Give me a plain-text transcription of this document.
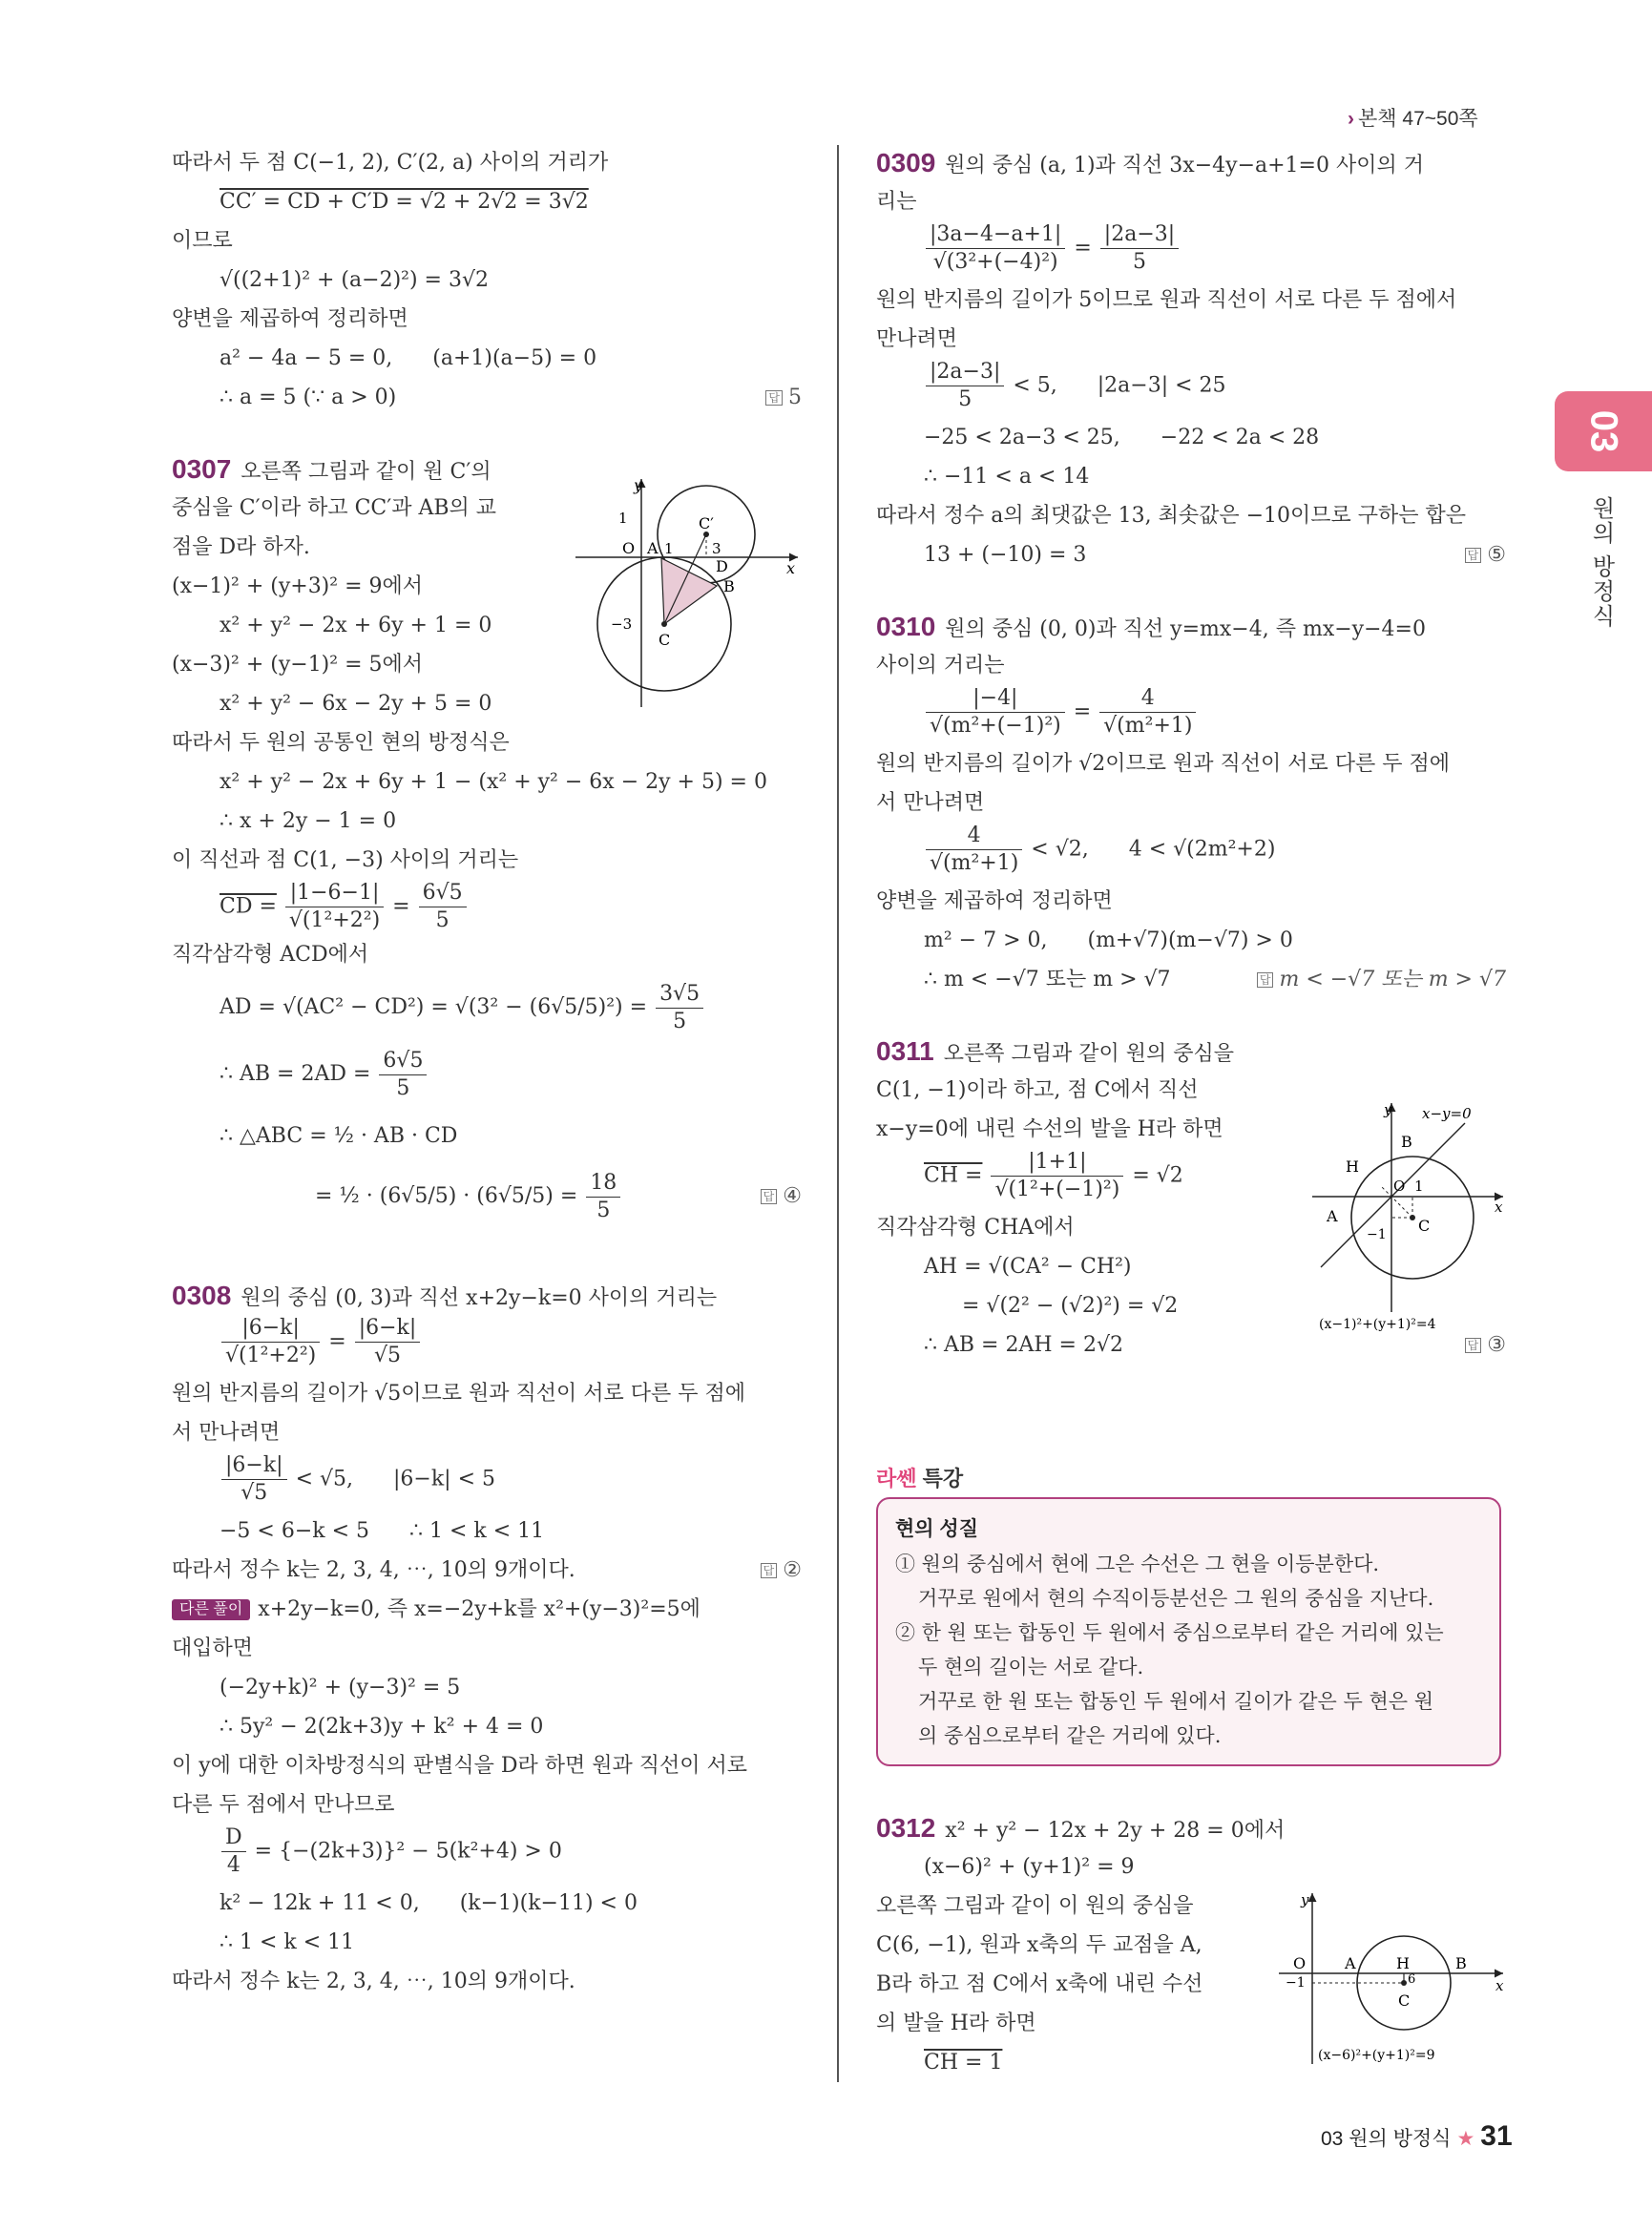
› 본책 47~50쪽
03
원의 방정식
따라서 두 점 C(−1, 2), C′(2, a) 사이의 거리가
CC′ = CD + C′D = √2 + 2√2 = 3√2
이므로
√((2+1)² + (a−2)²) = 3√2
양변을 제곱하여 정리하면
a² − 4a − 5 = 0, (a+1)(a−5) = 0
∴ a = 5 (∵ a > 0)	답 5
0307 오른쪽 그림과 같이 원 C′의
중심을 C′이라 하고 CC′과 AB의 교
점을 D라 하자.
(x−1)² + (y+3)² = 9에서
x² + y² − 2x + 6y + 1 = 0
(x−3)² + (y−1)² = 5에서
x² + y² − 6x − 2y + 5 = 0
따라서 두 원의 공통인 현의 방정식은
x² + y² − 2x + 6y + 1 − (x² + y² − 6x − 2y + 5) = 0
∴ x + 2y − 1 = 0
이 직선과 점 C(1, −3) 사이의 거리는
CD = $\frac{|1-6-1|}{\text{√(1²+2²)}} = \frac{6√5}{5}$
직각삼각형 ACD에서
AD = $√(AC^2 - CD^2) = √(3^2 - (6√5/5)^2) = \frac{3√5}{5}$
∴ AB = $2AD = \frac{6√5}{5}$
∴ △ABC = ½ · AB · CD
= ½ · $(6√5/5) \cdot (6√5/5) = \frac{18}{5}$	답 ④
0308 원의 중심 (0, 3)과 직선 x+2y−k=0 사이의 거리는
$\frac{|6-k|}{\text{√(1²+2²)}} = \frac{|6-k|}{√5}$
원의 반지름의 길이가 √5이므로 원과 직선이 서로 다른 두 점에
서 만나려면
$\frac{|6-k|}{√5} < √5$, |6−k| < 5
−5 < 6−k < 5 ∴ 1 < k < 11
따라서 정수 k는 2, 3, 4, ⋯, 10의 9개이다.	답 ②
다른 풀이 x+2y−k=0, 즉 x=−2y+k를 x²+(y−3)²=5에
대입하면
(−2y+k)² + (y−3)² = 5
∴ 5y² − 2(2k+3)y + k² + 4 = 0
이 y에 대한 이차방정식의 판별식을 D라 하면 원과 직선이 서로
다른 두 점에서 만나므로
$\frac{D}{4} = \{-(2k+3)\}^2 - 5(k^2+4) > 0$
k² − 12k + 11 < 0, (k−1)(k−11) < 0
∴ 1 < k < 11
따라서 정수 k는 2, 3, 4, ⋯, 10의 9개이다.
y
x
O A 1
1
3
−3
C
C′
D
B
0309 원의 중심 (a, 1)과 직선 3x−4y−a+1=0 사이의 거
리는
$\frac{|3a-4-a+1|}{\text{√(3²+(−4)²)}} = \frac{|2a-3|}{5}$
원의 반지름의 길이가 5이므로 원과 직선이 서로 다른 두 점에서
만나려면
$\frac{|2a-3|}{5} < 5$, |2a−3| < 25
−25 < 2a−3 < 25, −22 < 2a < 28
∴ −11 < a < 14
따라서 정수 a의 최댓값은 13, 최솟값은 −10이므로 구하는 합은
13 + (−10) = 3	답 ⑤
0310 원의 중심 (0, 0)과 직선 y=mx−4, 즉 mx−y−4=0
사이의 거리는
$\frac{|-4|}{\text{√(m²+(−1)²)}} = \frac{4}{\text{√(m²+1)}}$
원의 반지름의 길이가 √2이므로 원과 직선이 서로 다른 두 점에
서 만나려면
$\frac{4}{\text{√(m²+1)}} < √2$, 4 < √(2m²+2)
양변을 제곱하여 정리하면
m² − 7 > 0, (m+√7)(m−√7) > 0
∴ m < −√7 또는 m > √7	답 m < −√7 또는 m > √7
0311 오른쪽 그림과 같이 원의 중심을
C(1, −1)이라 하고, 점 C에서 직선
x−y=0에 내린 수선의 발을 H라 하면
CH = $\frac{|1+1|}{\text{√(1²+(−1)²)}} = √2$
직각삼각형 CHA에서
AH = √(CA² − CH²)
= √(2² − (√2)²) = √2
∴ AB = 2AH = 2√2	답 ③
y
x
x−y=0
B
H
O 1
A
C
−1
(x−1)²+(y+1)²=4
라쎈 특강
현의 성질
① 원의 중심에서 현에 그은 수선은 그 현을 이등분한다.
거꾸로 원에서 현의 수직이등분선은 그 원의 중심을 지난다.
② 한 원 또는 합동인 두 원에서 중심으로부터 같은 거리에 있는
두 현의 길이는 서로 같다.
거꾸로 한 원 또는 합동인 두 원에서 길이가 같은 두 현은 원
의 중심으로부터 같은 거리에 있다.
0312 x² + y² − 12x + 2y + 28 = 0에서
(x−6)² + (y+1)² = 9
오른쪽 그림과 같이 이 원의 중심을
C(6, −1), 원과 x축의 두 교점을 A,
B라 하고 점 C에서 x축에 내린 수선
의 발을 H라 하면
CH = 1
y
x
O	A	H	B
6
−1
C
(x−6)²+(y+1)²=9
03 원의 방정식 ★ 31
